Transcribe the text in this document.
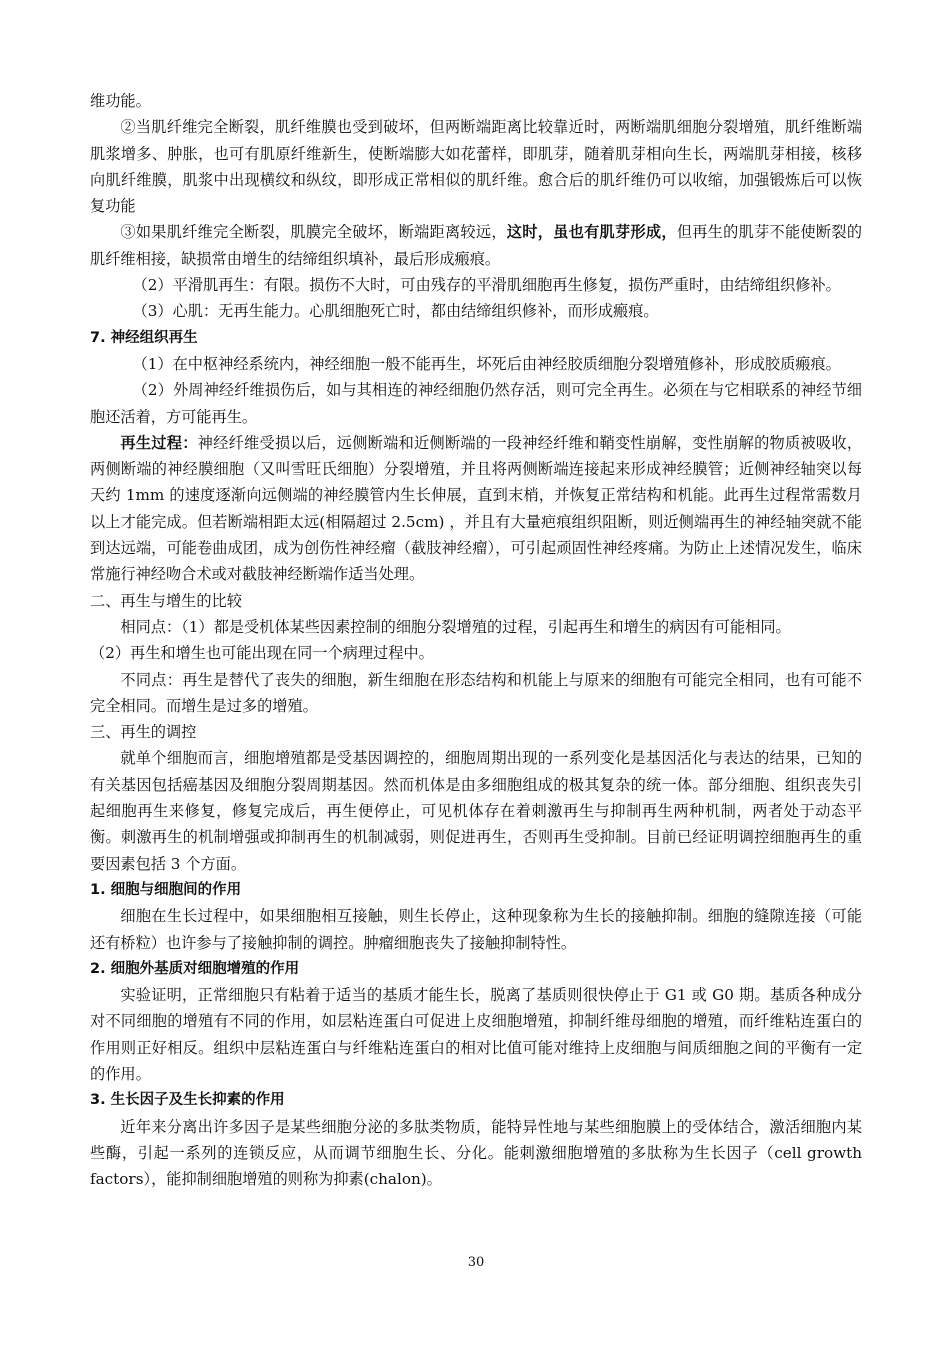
维功能。

②当肌纤维完全断裂，肌纤维膜也受到破坏，但两断端距离比较靠近时，两断端肌细胞分裂增殖，肌纤维断端肌浆增多、肿胀，也可有肌原纤维新生，使断端膨大如花蕾样，即肌芽，随着肌芽相向生长，两端肌芽相接，核移向肌纤维膜，肌浆中出现横纹和纵纹，即形成正常相似的肌纤维。愈合后的肌纤维仍可以收缩，加强锻炼后可以恢复功能

③如果肌纤维完全断裂，肌膜完全破坏，断端距离较远，这时，虽也有肌芽形成，但再生的肌芽不能使断裂的肌纤维相接，缺损常由增生的结缔组织填补，最后形成瘢痕。

（2）平滑肌再生：有限。损伤不大时，可由残存的平滑肌细胞再生修复，损伤严重时，由结缔组织修补。

（3）心肌：无再生能力。心肌细胞死亡时，都由结缔组织修补，而形成瘢痕。

7. 神经组织再生

（1）在中枢神经系统内，神经细胞一般不能再生，坏死后由神经胶质细胞分裂增殖修补，形成胶质瘢痕。

（2）外周神经纤维损伤后，如与其相连的神经细胞仍然存活，则可完全再生。必须在与它相联系的神经节细胞还活着，方可能再生。

再生过程：神经纤维受损以后，远侧断端和近侧断端的一段神经纤维和鞘变性崩解，变性崩解的物质被吸收，两侧断端的神经膜细胞（又叫雪旺氏细胞）分裂增殖，并且将两侧断端连接起来形成神经膜管；近侧神经轴突以每天约 1mm 的速度逐渐向远侧端的神经膜管内生长伸展，直到末梢，并恢复正常结构和机能。此再生过程常需数月以上才能完成。但若断端相距太远(相隔超过 2.5cm) ，并且有大量疤痕组织阻断，则近侧端再生的神经轴突就不能到达远端，可能卷曲成团，成为创伤性神经瘤（截肢神经瘤），可引起顽固性神经疼痛。为防止上述情况发生，临床常施行神经吻合术或对截肢神经断端作适当处理。

二、再生与增生的比较

相同点：（1）都是受机体某些因素控制的细胞分裂增殖的过程，引起再生和增生的病因有可能相同。

（2）再生和增生也可能出现在同一个病理过程中。

不同点：再生是替代了丧失的细胞，新生细胞在形态结构和机能上与原来的细胞有可能完全相同，也有可能不完全相同。而增生是过多的增殖。

三、再生的调控

就单个细胞而言，细胞增殖都是受基因调控的，细胞周期出现的一系列变化是基因活化与表达的结果，已知的有关基因包括癌基因及细胞分裂周期基因。然而机体是由多细胞组成的极其复杂的统一体。部分细胞、组织丧失引起细胞再生来修复，修复完成后，再生便停止，可见机体存在着刺激再生与抑制再生两种机制，两者处于动态平衡。刺激再生的机制增强或抑制再生的机制减弱，则促进再生，否则再生受抑制。目前已经证明调控细胞再生的重要因素包括 3 个方面。

1. 细胞与细胞间的作用

细胞在生长过程中，如果细胞相互接触，则生长停止，这种现象称为生长的接触抑制。细胞的缝隙连接（可能还有桥粒）也许参与了接触抑制的调控。肿瘤细胞丧失了接触抑制特性。

2. 细胞外基质对细胞增殖的作用

实验证明，正常细胞只有粘着于适当的基质才能生长，脱离了基质则很快停止于 G1 或 G0 期。基质各种成分对不同细胞的增殖有不同的作用，如层粘连蛋白可促进上皮细胞增殖，抑制纤维母细胞的增殖，而纤维粘连蛋白的作用则正好相反。组织中层粘连蛋白与纤维粘连蛋白的相对比值可能对维持上皮细胞与间质细胞之间的平衡有一定的作用。

3. 生长因子及生长抑素的作用

近年来分离出许多因子是某些细胞分泌的多肽类物质，能特异性地与某些细胞膜上的受体结合，激活细胞内某些酶，引起一系列的连锁反应，从而调节细胞生长、分化。能刺激细胞增殖的多肽称为生长因子（cell growth factors），能抑制细胞增殖的则称为抑素(chalon)。

30
